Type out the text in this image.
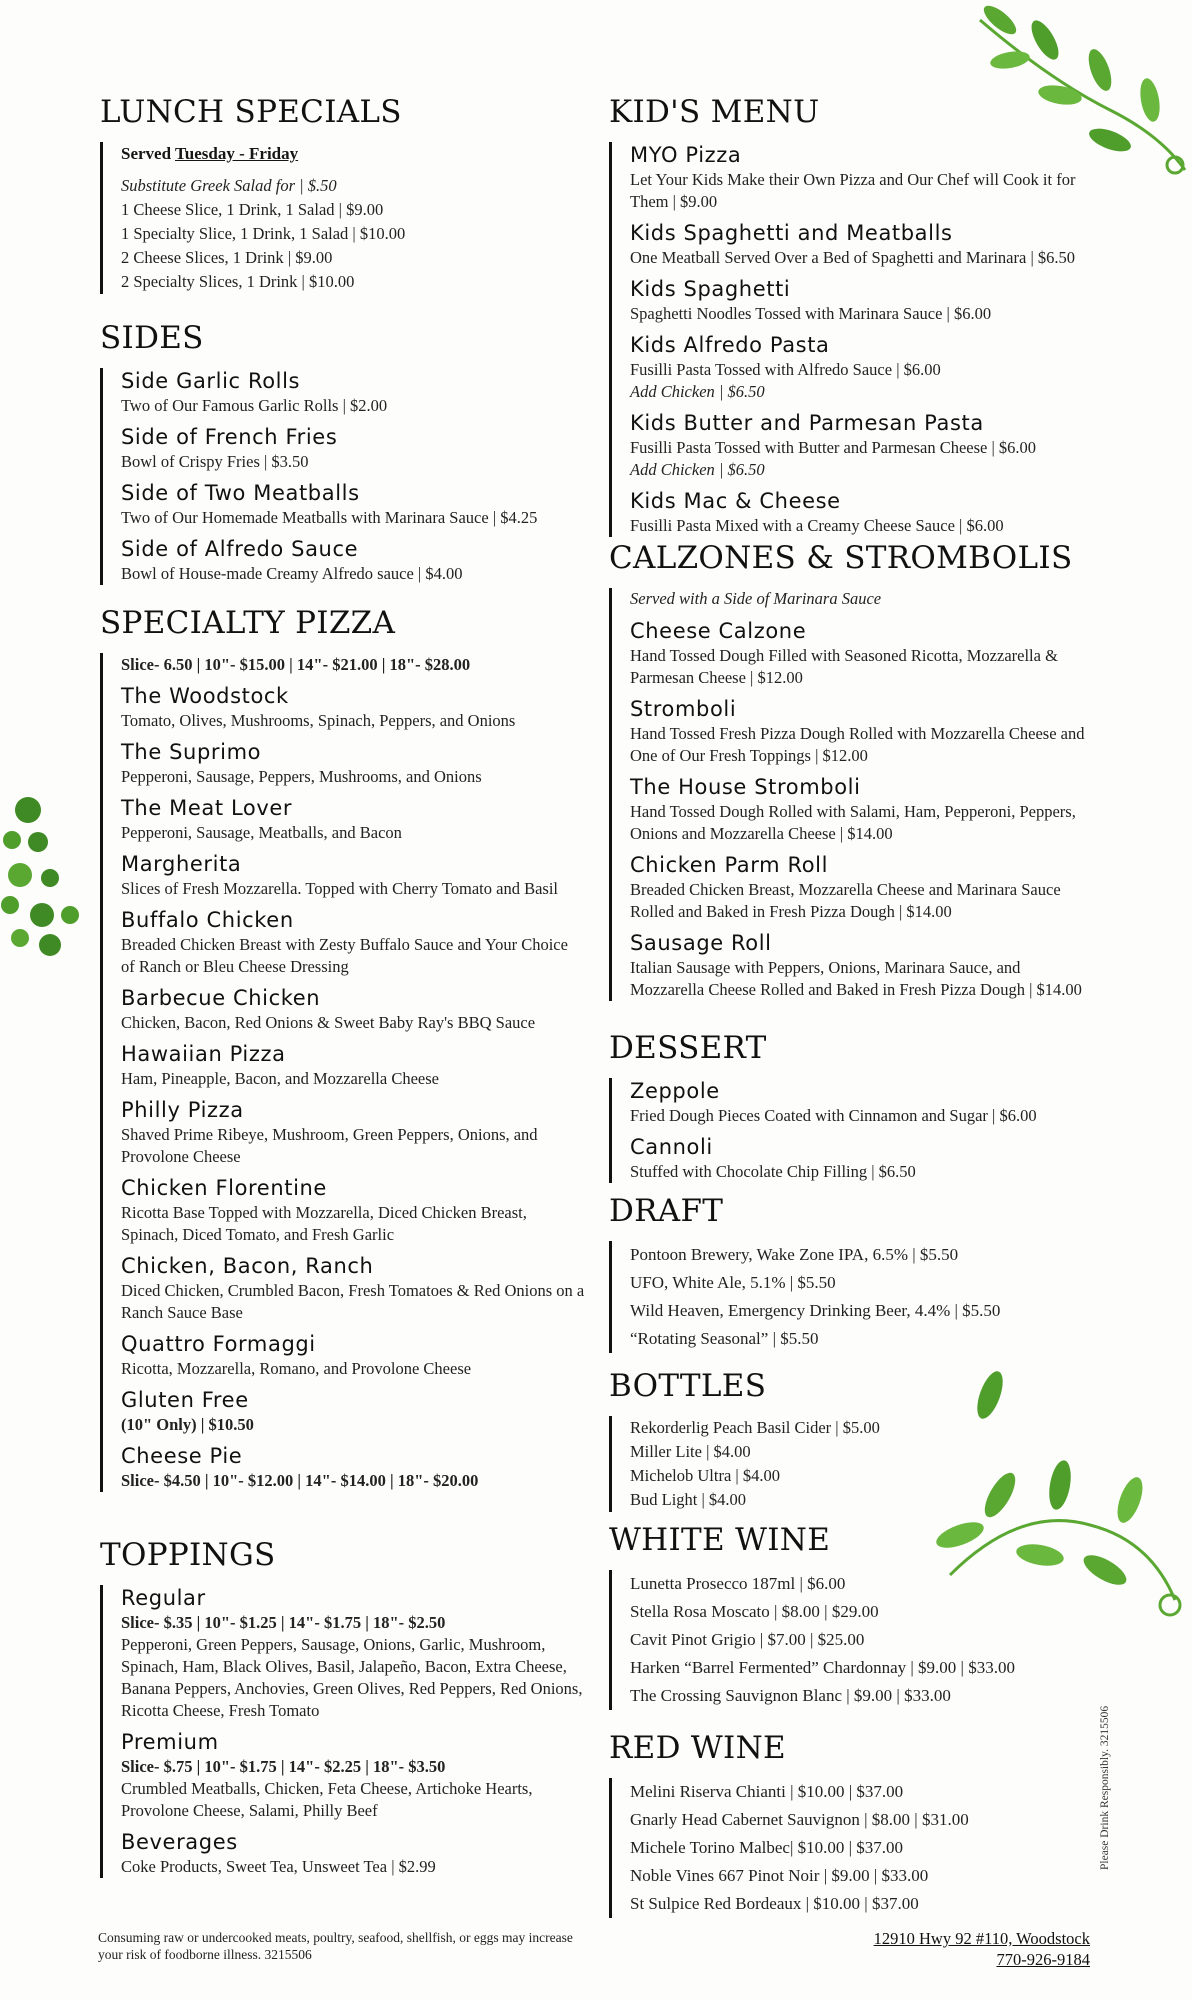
LUNCH SPECIALS
Served Tuesday - Friday
Substitute Greek Salad for | $.50
1 Cheese Slice, 1 Drink, 1 Salad | $9.00
1 Specialty Slice, 1 Drink, 1 Salad | $10.00
2 Cheese Slices, 1 Drink | $9.00
2 Specialty Slices, 1 Drink | $10.00
SIDES
Side Garlic Rolls
Two of Our Famous Garlic Rolls | $2.00
Side of French Fries
Bowl of Crispy Fries | $3.50
Side of Two Meatballs
Two of Our Homemade Meatballs with Marinara Sauce | $4.25
Side of Alfredo Sauce
Bowl of House-made Creamy Alfredo sauce | $4.00
SPECIALTY PIZZA
Slice- 6.50 | 10"- $15.00 | 14"- $21.00 | 18"- $28.00
The Woodstock
Tomato, Olives, Mushrooms, Spinach, Peppers, and Onions
The Suprimo
Pepperoni, Sausage, Peppers, Mushrooms, and Onions
The Meat Lover
Pepperoni, Sausage, Meatballs, and Bacon
Margherita
Slices of Fresh Mozzarella. Topped with Cherry Tomato and Basil
Buffalo Chicken
Breaded Chicken Breast with Zesty Buffalo Sauce and Your Choice of Ranch or Bleu Cheese Dressing
Barbecue Chicken
Chicken, Bacon, Red Onions & Sweet Baby Ray's BBQ Sauce
Hawaiian Pizza
Ham, Pineapple, Bacon, and Mozzarella Cheese
Philly Pizza
Shaved Prime Ribeye, Mushroom, Green Peppers, Onions, and Provolone Cheese
Chicken Florentine
Ricotta Base Topped with Mozzarella, Diced Chicken Breast, Spinach, Diced Tomato, and Fresh Garlic
Chicken, Bacon, Ranch
Diced Chicken, Crumbled Bacon, Fresh Tomatoes & Red Onions on a Ranch Sauce Base
Quattro Formaggi
Ricotta, Mozzarella, Romano, and Provolone Cheese
Gluten Free
(10" Only) | $10.50
Cheese Pie
Slice- $4.50 | 10"- $12.00 | 14"- $14.00 | 18"- $20.00
TOPPINGS
Regular
Slice- $.35 | 10"- $1.25 | 14"- $1.75 | 18"- $2.50
Pepperoni, Green Peppers, Sausage, Onions, Garlic, Mushroom, Spinach, Ham, Black Olives, Basil, Jalapeño, Bacon, Extra Cheese, Banana Peppers, Anchovies, Green Olives, Red Peppers, Red Onions, Ricotta Cheese, Fresh Tomato
Premium
Slice- $.75 | 10"- $1.75 | 14"- $2.25 | 18"- $3.50
Crumbled Meatballs, Chicken, Feta Cheese, Artichoke Hearts, Provolone Cheese, Salami, Philly Beef
Beverages
Coke Products, Sweet Tea, Unsweet Tea | $2.99
KID'S MENU
MYO Pizza
Let Your Kids Make their Own Pizza and Our Chef will Cook it for Them | $9.00
Kids Spaghetti and Meatballs
One Meatball Served Over a Bed of Spaghetti and Marinara | $6.50
Kids Spaghetti
Spaghetti Noodles Tossed with Marinara Sauce | $6.00
Kids Alfredo Pasta
Fusilli Pasta Tossed with Alfredo Sauce | $6.00
Add Chicken | $6.50
Kids Butter and Parmesan Pasta
Fusilli Pasta Tossed with Butter and Parmesan Cheese | $6.00
Add Chicken | $6.50
Kids Mac & Cheese
Fusilli Pasta Mixed with a Creamy Cheese Sauce | $6.00
CALZONES & STROMBOLIS
Served with a Side of Marinara Sauce
Cheese Calzone
Hand Tossed Dough Filled with Seasoned Ricotta, Mozzarella & Parmesan Cheese | $12.00
Stromboli
Hand Tossed Fresh Pizza Dough Rolled with Mozzarella Cheese and One of Our Fresh Toppings | $12.00
The House Stromboli
Hand Tossed Dough Rolled with Salami, Ham, Pepperoni, Peppers, Onions and Mozzarella Cheese | $14.00
Chicken Parm Roll
Breaded Chicken Breast, Mozzarella Cheese and Marinara Sauce Rolled and Baked in Fresh Pizza Dough | $14.00
Sausage Roll
Italian Sausage with Peppers, Onions, Marinara Sauce, and Mozzarella Cheese Rolled and Baked in Fresh Pizza Dough | $14.00
DESSERT
Zeppole
Fried Dough Pieces Coated with Cinnamon and Sugar | $6.00
Cannoli
Stuffed with Chocolate Chip Filling | $6.50
DRAFT
Pontoon Brewery, Wake Zone IPA, 6.5% | $5.50
UFO, White Ale, 5.1% | $5.50
Wild Heaven, Emergency Drinking Beer, 4.4% | $5.50
“Rotating Seasonal” | $5.50
BOTTLES
Rekorderlig Peach Basil Cider | $5.00
Miller Lite | $4.00
Michelob Ultra | $4.00
Bud Light | $4.00
WHITE WINE
Lunetta Prosecco 187ml | $6.00
Stella Rosa Moscato | $8.00 | $29.00
Cavit Pinot Grigio | $7.00 | $25.00
Harken “Barrel Fermented” Chardonnay | $9.00 | $33.00
The Crossing Sauvignon Blanc | $9.00 | $33.00
RED WINE
Melini Riserva Chianti | $10.00 | $37.00
Gnarly Head Cabernet Sauvignon | $8.00 | $31.00
Michele Torino Malbec| $10.00 | $37.00
Noble Vines 667 Pinot Noir | $9.00 | $33.00
St Sulpice Red Bordeaux | $10.00 | $37.00
Consuming raw or undercooked meats, poultry, seafood, shellfish, or eggs may increase your risk of foodborne illness. 3215506
12910 Hwy 92 #110, Woodstock
770-926-9184
Please Drink Responsibly. 3215506
